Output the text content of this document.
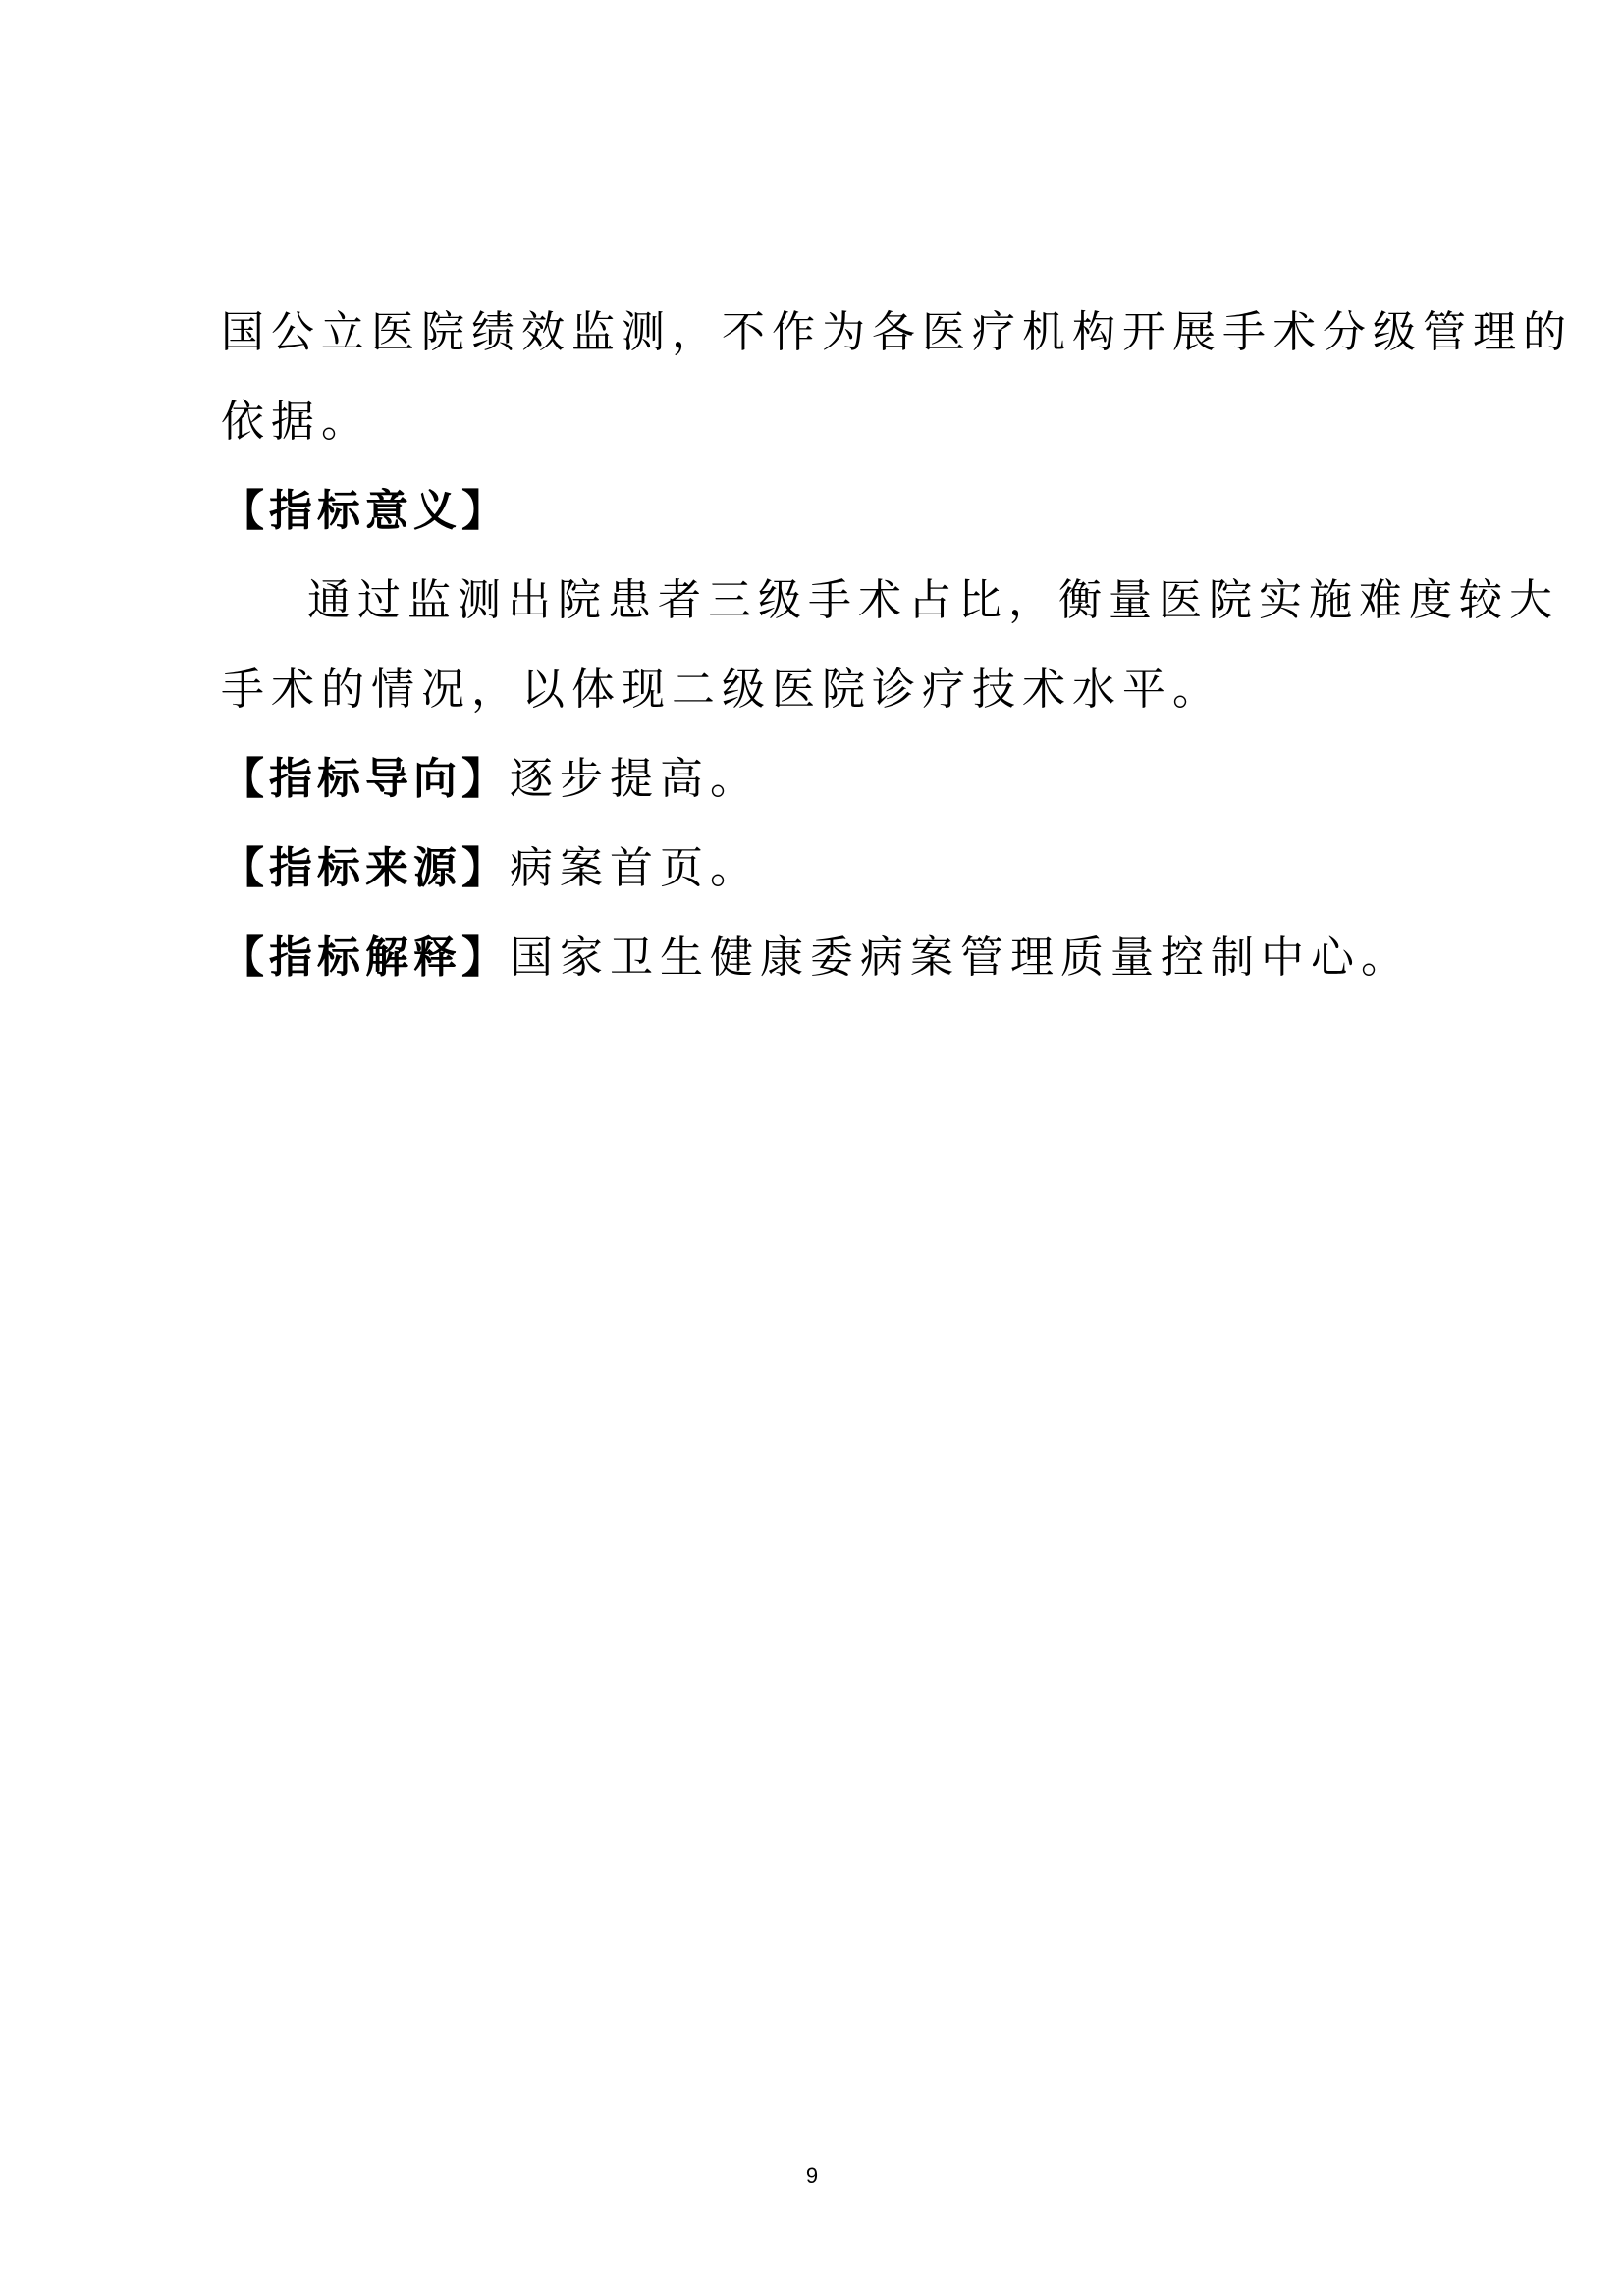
国公立医院绩效监测，不作为各医疗机构开展手术分级管理的
依据。
【指标意义】
通过监测出院患者三级手术占比，衡量医院实施难度较大
手术的情况，以体现二级医院诊疗技术水平。
【指标导向】逐步提高。
【指标来源】病案首页。
【指标解释】国家卫生健康委病案管理质量控制中心。
9
